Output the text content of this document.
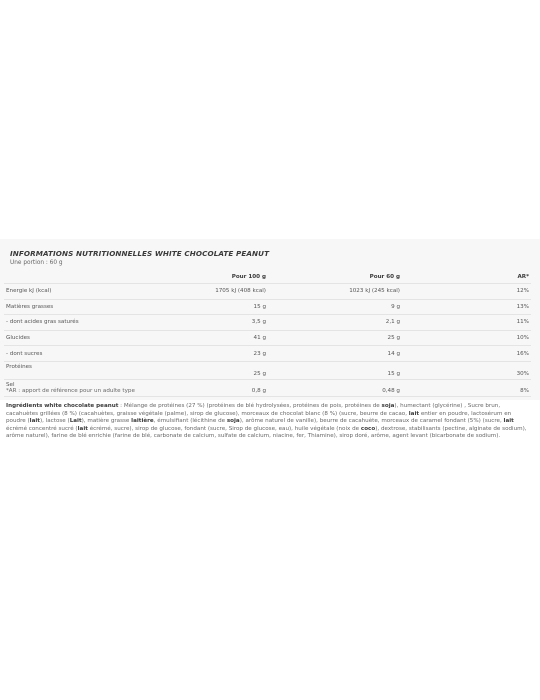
INFORMATIONS NUTRITIONNELLES WHITE CHOCOLATE PEANUT
Une portion : 60 g
	Pour 100 g	Pour 60 g	AR*
Energie kJ (kcal)	1705 kJ (408 kcal)	1023 kJ (245 kcal)	12%
Matières grasses	15 g	9 g	13%
- dont acides gras saturés	3,5 g	2,1 g	11%
Glucides	41 g	25 g	10%
- dont sucres	23 g	14 g	16%
Protéines	25 g	15 g	30%
Sel	0,8 g	0,48 g	8%
*AR : apport de référence pour un adulte type
Ingrédients white chocolate peanut : Mélange de protéines (27 %) (protéines de blé hydrolysées, protéines de pois, protéines de soja), humectant (glycérine) , Sucre brun, cacahuètes grillées (8 %) (cacahuètes, graisse végétale (palme), sirop de glucose), morceaux de chocolat blanc (8 %) (sucre, beurre de cacao, lait entier en poudre, lactosérum en poudre (lait), lactose (Lait), matière grasse laitière, émulsifiant (lécithine de soja), arôme naturel de vanille), beurre de cacahuète, morceaux de caramel fondant (5%) (sucre, lait écrémé concentré sucré (lait écrémé, sucre), sirop de glucose, fondant (sucre, Sirop de glucose, eau), huile végétale (noix de coco), dextrose, stabilisants (pectine, alginate de sodium), arôme naturel), farine de blé enrichie (farine de blé, carbonate de calcium, sulfate de calcium, niacine, fer, Thiamine), sirop doré, arôme, agent levant (bicarbonate de sodium).
